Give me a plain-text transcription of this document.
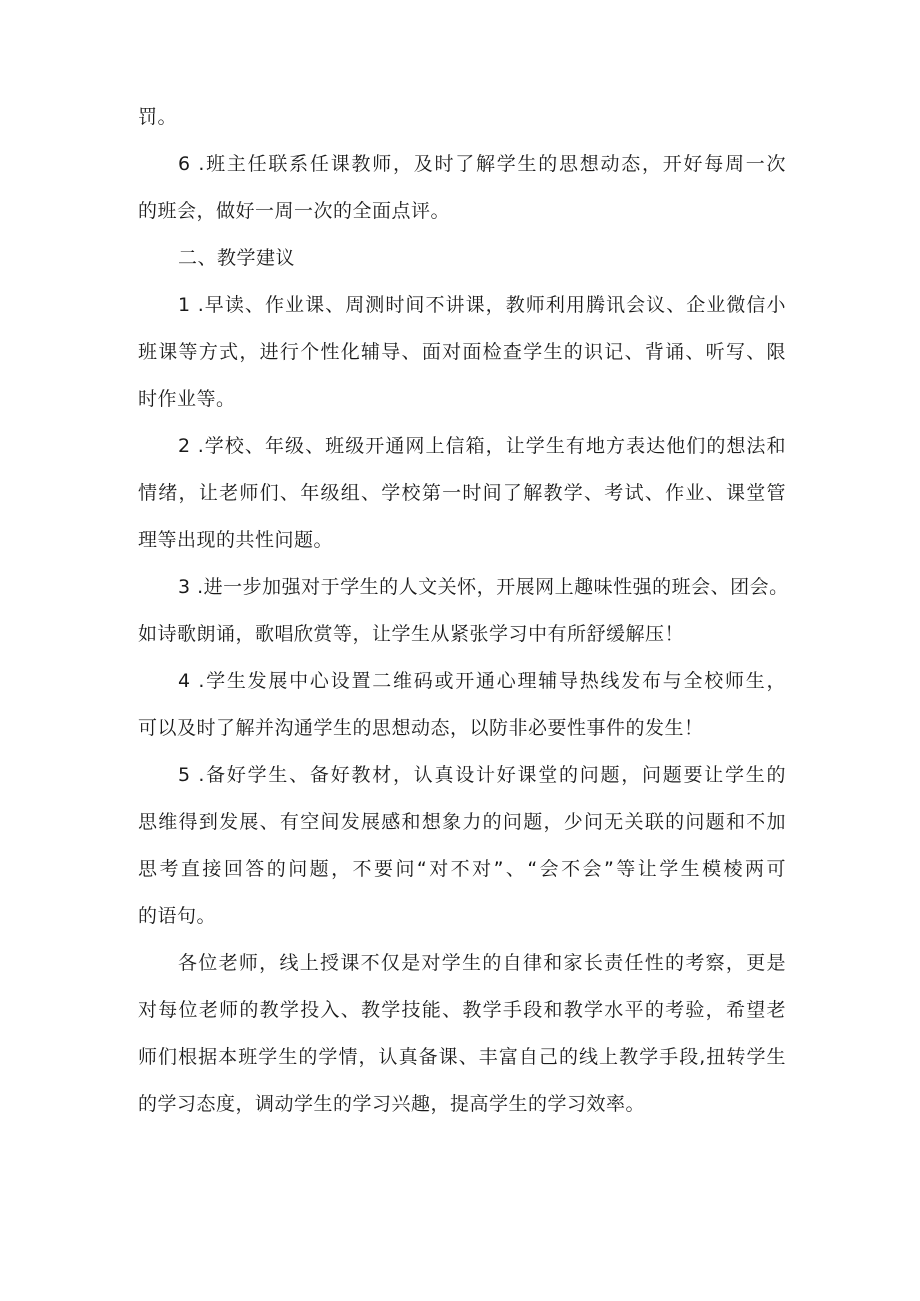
罚。

6 .班主任联系任课教师，及时了解学生的思想动态，开好每周一次
的班会，做好一周一次的全面点评。

二、教学建议

1 .早读、作业课、周测时间不讲课，教师利用腾讯会议、企业微信小
班课等方式，进行个性化辅导、面对面检查学生的识记、背诵、听写、限
时作业等。

2 .学校、年级、班级开通网上信箱，让学生有地方表达他们的想法和
情绪，让老师们、年级组、学校第一时间了解教学、考试、作业、课堂管
理等出现的共性问题。

3 .进一步加强对于学生的人文关怀，开展网上趣味性强的班会、团会。
如诗歌朗诵，歌唱欣赏等，让学生从紧张学习中有所舒缓解压！

4 .学生发展中心设置二维码或开通心理辅导热线发布与全校师生，
可以及时了解并沟通学生的思想动态，以防非必要性事件的发生！

5 .备好学生、备好教材，认真设计好课堂的问题，问题要让学生的
思维得到发展、有空间发展感和想象力的问题，少问无关联的问题和不加
思考直接回答的问题，不要问“对不对”、“会不会”等让学生模棱两可
的语句。

各位老师，线上授课不仅是对学生的自律和家长责任性的考察，更是
对每位老师的教学投入、教学技能、教学手段和教学水平的考验，希望老
师们根据本班学生的学情，认真备课、丰富自己的线上教学手段,扭转学生
的学习态度，调动学生的学习兴趣，提高学生的学习效率。
